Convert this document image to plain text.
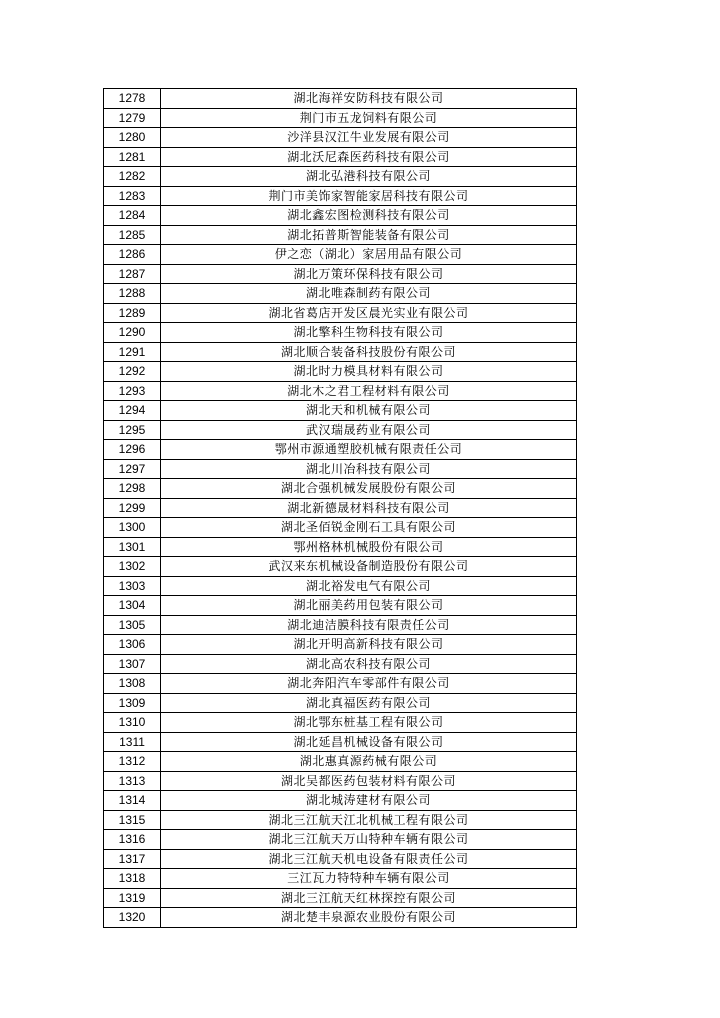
1278	湖北海祥安防科技有限公司
1279	荆门市五龙饲料有限公司
1280	沙洋县汉江牛业发展有限公司
1281	湖北沃尼森医药科技有限公司
1282	湖北弘港科技有限公司
1283	荆门市美饰家智能家居科技有限公司
1284	湖北鑫宏图检测科技有限公司
1285	湖北拓普斯智能装备有限公司
1286	伊之恋（湖北）家居用品有限公司
1287	湖北万策环保科技有限公司
1288	湖北唯森制药有限公司
1289	湖北省葛店开发区晨光实业有限公司
1290	湖北擎科生物科技有限公司
1291	湖北顺合装备科技股份有限公司
1292	湖北时力模具材料有限公司
1293	湖北木之君工程材料有限公司
1294	湖北天和机械有限公司
1295	武汉瑞晟药业有限公司
1296	鄂州市源通塑胶机械有限责任公司
1297	湖北川冶科技有限公司
1298	湖北合强机械发展股份有限公司
1299	湖北新德晟材料科技有限公司
1300	湖北圣佰锐金刚石工具有限公司
1301	鄂州格林机械股份有限公司
1302	武汉来东机械设备制造股份有限公司
1303	湖北裕发电气有限公司
1304	湖北丽美药用包装有限公司
1305	湖北迪洁膜科技有限责任公司
1306	湖北开明高新科技有限公司
1307	湖北高农科技有限公司
1308	湖北奔阳汽车零部件有限公司
1309	湖北真福医药有限公司
1310	湖北鄂东桩基工程有限公司
1311	湖北延昌机械设备有限公司
1312	湖北惠真源药械有限公司
1313	湖北吴都医药包装材料有限公司
1314	湖北城涛建材有限公司
1315	湖北三江航天江北机械工程有限公司
1316	湖北三江航天万山特种车辆有限公司
1317	湖北三江航天机电设备有限责任公司
1318	三江瓦力特特种车辆有限公司
1319	湖北三江航天红林探控有限公司
1320	湖北楚丰泉源农业股份有限公司
